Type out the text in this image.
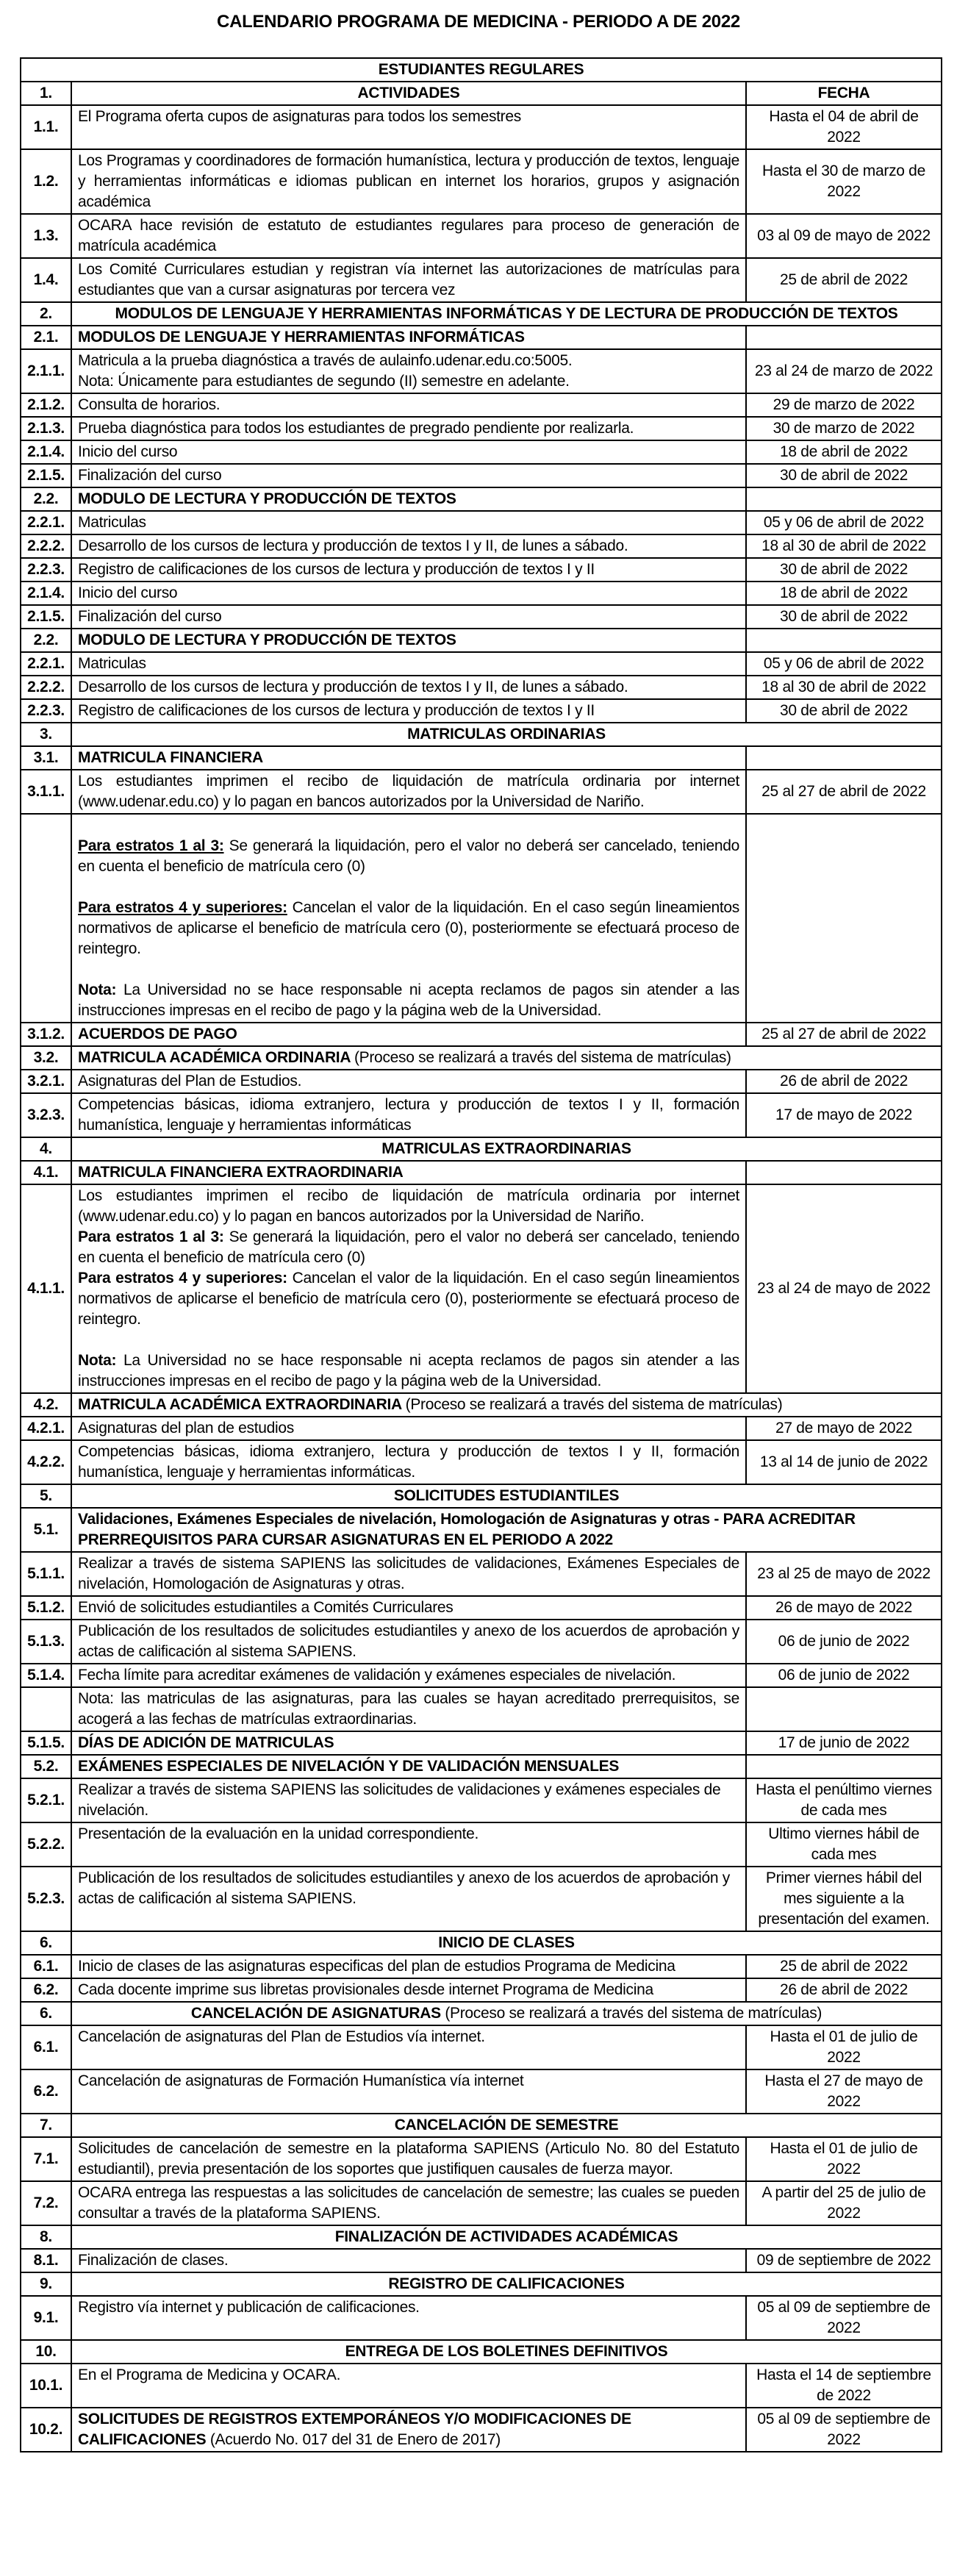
CALENDARIO PROGRAMA DE MEDICINA - PERIODO A DE 2022
ESTUDIANTES REGULARES		
1.	ACTIVIDADES	FECHA
1.1.	El Programa oferta cupos de asignaturas para todos los semestres	Hasta el 04 de abril de 2022
1.2.	Los Programas y coordinadores de formación humanística, lectura y producción de textos, lenguaje y herramientas informáticas e idiomas publican en internet los horarios, grupos y asignación académica	Hasta el 30 de marzo de 2022
1.3.	OCARA hace revisión de estatuto de estudiantes regulares para proceso de generación de matrícula académica	03 al 09 de mayo de 2022
1.4.	Los Comité Curriculares estudian y registran vía internet las autorizaciones de matrículas para estudiantes que van a cursar asignaturas por tercera vez	25 de abril de 2022
2.	MODULOS DE LENGUAJE Y HERRAMIENTAS INFORMÁTICAS Y DE LECTURA DE PRODUCCIÓN DE TEXTOS	
2.1.	MODULOS DE LENGUAJE Y HERRAMIENTAS INFORMÁTICAS	
2.1.1.	Matricula a la prueba diagnóstica a través de aulainfo.udenar.edu.co:5005.
Nota: Únicamente para estudiantes de segundo (II) semestre en adelante.	23 al 24 de marzo de 2022
2.1.2.	Consulta de horarios.	29 de marzo de 2022
2.1.3.	Prueba diagnóstica para todos los estudiantes de pregrado pendiente por realizarla.	30 de marzo de 2022
2.1.4.	Inicio del curso	18 de abril de 2022
2.1.5.	Finalización del curso	30 de abril de 2022
2.2.	MODULO DE LECTURA Y PRODUCCIÓN DE TEXTOS	
2.2.1.	Matriculas	05 y 06 de abril de 2022
2.2.2.	Desarrollo de los cursos de lectura y producción de textos I y II, de lunes a sábado.	18 al 30 de abril de 2022
2.2.3.	Registro de calificaciones de los cursos de lectura y producción de textos I y II	30 de abril de 2022
2.1.4.	Inicio del curso	18 de abril de 2022
2.1.5.	Finalización del curso	30 de abril de 2022
2.2.	MODULO DE LECTURA Y PRODUCCIÓN DE TEXTOS	
2.2.1.	Matriculas	05 y 06 de abril de 2022
2.2.2.	Desarrollo de los cursos de lectura y producción de textos I y II, de lunes a sábado.	18 al 30 de abril de 2022
2.2.3.	Registro de calificaciones de los cursos de lectura y producción de textos I y II	30 de abril de 2022
3.	MATRICULAS ORDINARIAS	
3.1.	MATRICULA FINANCIERA	
3.1.1.	Los estudiantes imprimen el recibo de liquidación de matrícula ordinaria por internet (www.udenar.edu.co) y lo pagan en bancos autorizados por la Universidad de Nariño.	25 al 27 de abril de 2022

	Para estratos 1 al 3: Se generará la liquidación, pero el valor no deberá ser cancelado, teniendo en cuenta el beneficio de matrícula cero (0)

Para estratos 4 y superiores: Cancelan el valor de la liquidación. En el caso según lineamientos normativos de aplicarse el beneficio de matrícula cero (0), posteriormente se efectuará proceso de reintegro.

Nota: La Universidad no se hace responsable ni acepta reclamos de pagos sin atender a las instrucciones impresas en el recibo de pago y la página web de la Universidad.	

3.1.2.	ACUERDOS DE PAGO	25 al 27 de abril de 2022
3.2.	MATRICULA ACADÉMICA ORDINARIA (Proceso se realizará a través del sistema de matrículas)	

3.2.1.	Asignaturas del Plan de Estudios.	26 de abril de 2022
3.2.3.	Competencias básicas, idioma extranjero, lectura y producción de textos I y II, formación humanística, lenguaje y herramientas informáticas	17 de mayo de 2022
4.	MATRICULAS EXTRAORDINARIAS	
4.1.	MATRICULA FINANCIERA EXTRAORDINARIA	
4.1.1.	Los estudiantes imprimen el recibo de liquidación de matrícula ordinaria por internet (www.udenar.edu.co) y lo pagan en bancos autorizados por la Universidad de Nariño.
Para estratos 1 al 3: Se generará la liquidación, pero el valor no deberá ser cancelado, teniendo en cuenta el beneficio de matrícula cero (0)
Para estratos 4 y superiores: Cancelan el valor de la liquidación. En el caso según lineamientos normativos de aplicarse el beneficio de matrícula cero (0), posteriormente se efectuará proceso de reintegro.

Nota: La Universidad no se hace responsable ni acepta reclamos de pagos sin atender a las instrucciones impresas en el recibo de pago y la página web de la Universidad.	23 al 24 de mayo de 2022
4.2.	MATRICULA ACADÉMICA EXTRAORDINARIA (Proceso se realizará a través del sistema de matrículas)	

4.2.1.	Asignaturas del plan de estudios	27 de mayo de 2022
4.2.2.	Competencias básicas, idioma extranjero, lectura y producción de textos I y II, formación humanística, lenguaje y herramientas informáticas.	13 al 14 de junio de 2022
5.	SOLICITUDES ESTUDIANTILES	
5.1.	Validaciones, Exámenes Especiales de nivelación, Homologación de Asignaturas y otras - PARA ACREDITAR PRERREQUISITOS PARA CURSAR ASIGNATURAS EN EL PERIODO A 2022	

5.1.1.	Realizar a través de sistema SAPIENS las solicitudes de validaciones, Exámenes Especiales de nivelación, Homologación de Asignaturas y otras.	23 al 25 de mayo de 2022
5.1.2.	Envió de solicitudes estudiantiles a Comités Curriculares	26 de mayo de 2022
5.1.3.	Publicación de los resultados de solicitudes estudiantiles y anexo de los acuerdos de aprobación y actas de calificación al sistema SAPIENS.	06 de junio de 2022
5.1.4.	Fecha límite para acreditar exámenes de validación y exámenes especiales de nivelación.	06 de junio de 2022
	Nota: las matriculas de las asignaturas, para las cuales se hayan acreditado prerrequisitos, se acogerá a las fechas de matrículas extraordinarias.	
5.1.5.	DÍAS DE ADICIÓN DE MATRICULAS	17 de junio de 2022
5.2.	EXÁMENES ESPECIALES DE NIVELACIÓN Y DE VALIDACIÓN MENSUALES	
5.2.1.	Realizar a través de sistema SAPIENS las solicitudes de validaciones y exámenes especiales de nivelación.	Hasta el penúltimo viernes de cada mes
5.2.2.	Presentación de la evaluación en la unidad correspondiente.	Ultimo viernes hábil de cada mes
5.2.3.	Publicación de los resultados de solicitudes estudiantiles y anexo de los acuerdos de aprobación y actas de calificación al sistema SAPIENS.	Primer viernes hábil del mes siguiente a la presentación del examen.
6.	INICIO DE CLASES	
6.1.	Inicio de clases de las asignaturas especificas del plan de estudios Programa de Medicina	25 de abril de 2022
6.2.	Cada docente imprime sus libretas provisionales desde internet Programa de Medicina	26 de abril de 2022
6.	CANCELACIÓN DE ASIGNATURAS (Proceso se realizará a través del sistema de matrículas)	

6.1.	Cancelación de asignaturas del Plan de Estudios vía internet.	Hasta el 01 de julio de 2022
6.2.	Cancelación de asignaturas de Formación Humanística vía internet	Hasta el 27 de mayo de 2022
7.	CANCELACIÓN DE SEMESTRE	
7.1.	Solicitudes de cancelación de semestre en la plataforma SAPIENS (Articulo No. 80 del Estatuto estudiantil), previa presentación de los soportes que justifiquen causales de fuerza mayor.	Hasta el 01 de julio de 2022
7.2.	OCARA entrega las respuestas a las solicitudes de cancelación de semestre; las cuales se pueden consultar a través de la plataforma SAPIENS.	A partir del 25 de julio de 2022
8.	FINALIZACIÓN DE ACTIVIDADES ACADÉMICAS	
8.1.	Finalización de clases.	09 de septiembre de 2022
9.	REGISTRO DE CALIFICACIONES	
9.1.	Registro vía internet y publicación de calificaciones.	05 al 09 de septiembre de 2022
10.	ENTREGA DE LOS BOLETINES DEFINITIVOS	
10.1.	En el Programa de Medicina y OCARA.	Hasta el 14 de septiembre de 2022
10.2.	SOLICITUDES DE REGISTROS EXTEMPORÁNEOS Y/O MODIFICACIONES DE CALIFICACIONES (Acuerdo No. 017 del 31 de Enero de 2017)	05 al 09 de septiembre de 2022
